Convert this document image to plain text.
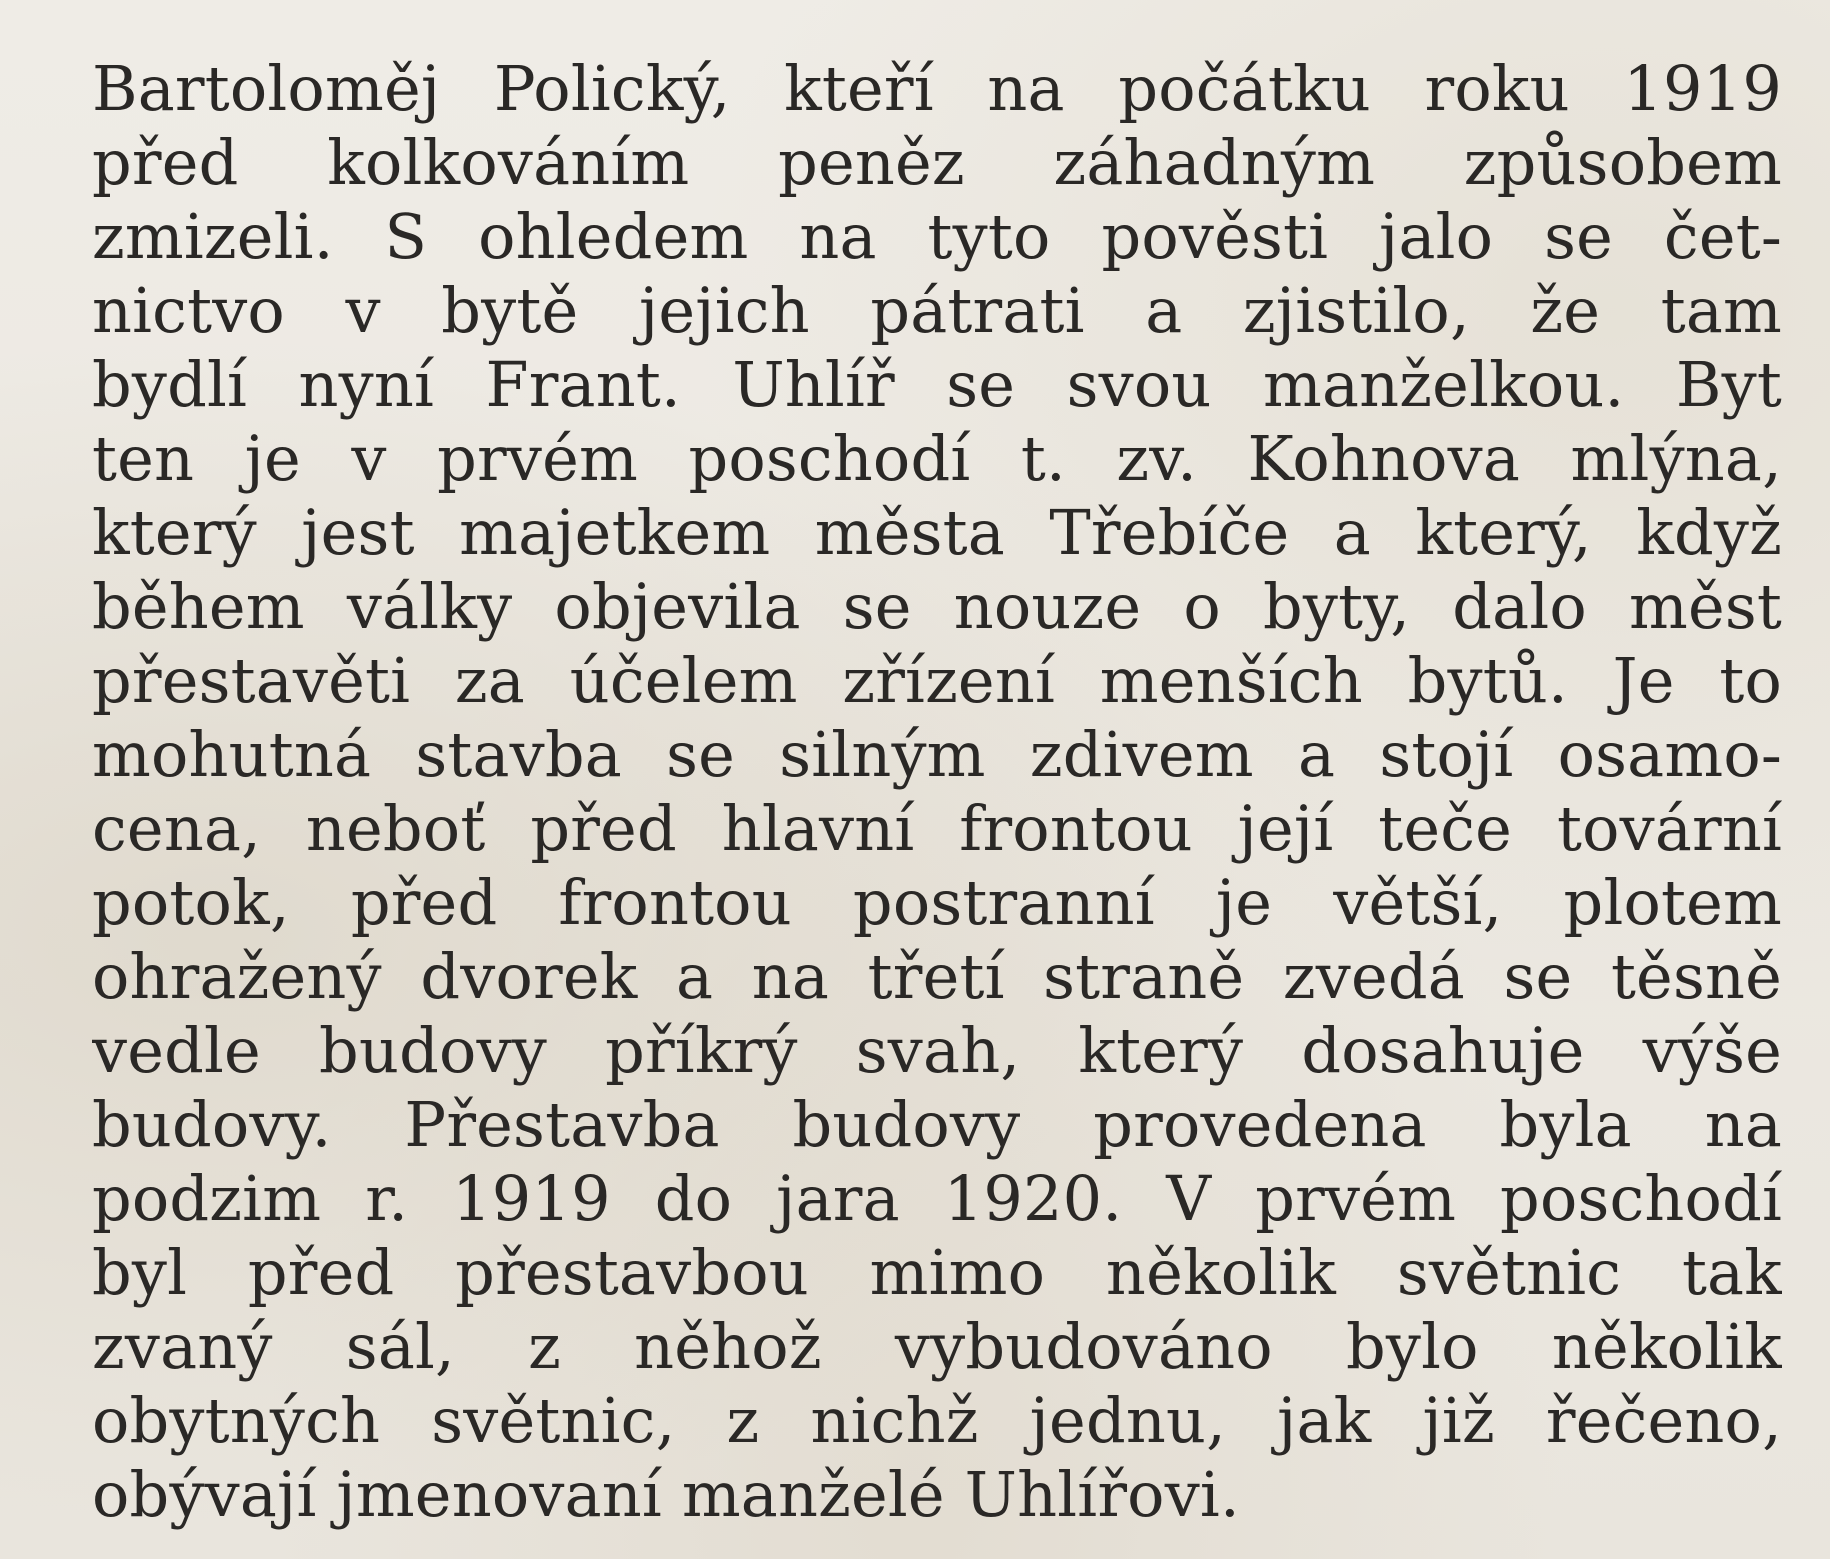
Bartoloměj Polický, kteří na počátku roku 1919
před kolkováním peněz záhadným způsobem
zmizeli. S ohledem na tyto pověsti jalo se čet-
nictvo v bytě jejich pátrati a zjistilo, že tam
bydlí nyní Frant. Uhlíř se svou manželkou. Byt
ten je v prvém poschodí t. zv. Kohnova mlýna,
který jest majetkem města Třebíče a který, když
během války objevila se nouze o byty, dalo měst
přestavěti za účelem zřízení menších bytů. Je to
mohutná stavba se silným zdivem a stojí osamo-
cena, neboť před hlavní frontou její teče tovární
potok, před frontou postranní je větší, plotem
ohražený dvorek a na třetí straně zvedá se těsně
vedle budovy příkrý svah, který dosahuje výše
budovy. Přestavba budovy provedena byla na
podzim r. 1919 do jara 1920. V prvém poschodí
byl před přestavbou mimo několik světnic tak
zvaný sál, z něhož vybudováno bylo několik
obytných světnic, z nichž jednu, jak již řečeno,
obývají jmenovaní manželé Uhlířovi.
